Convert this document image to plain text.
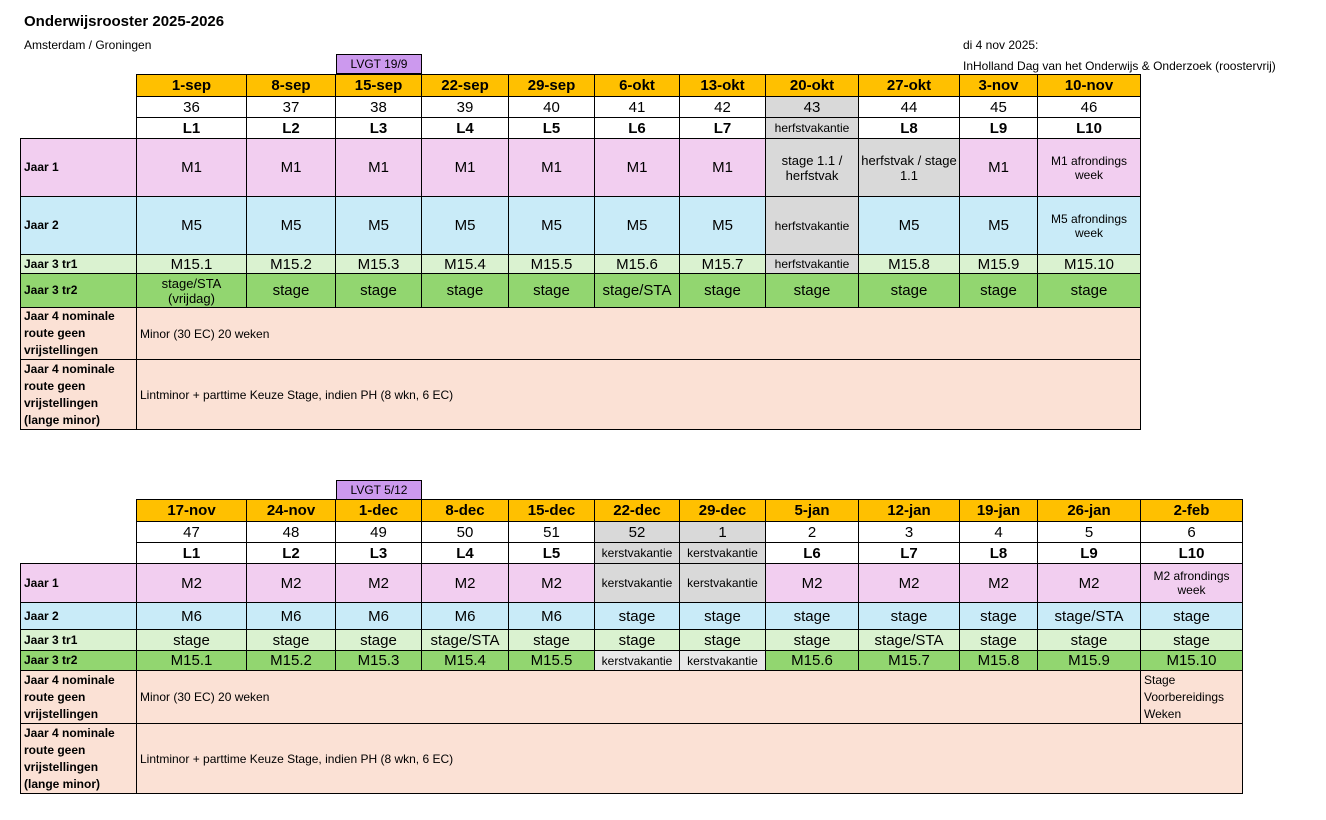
Onderwijsrooster 2025-2026
Amsterdam / Groningen	di 4 nov 2025:
InHolland Dag van het Onderwijs & Onderzoek (roostervrij)
LVGT 19/9
LVGT 5/12
	1-sep	8-sep	15-sep	22-sep	29-sep	6-okt	13-okt	20-okt	27-okt	3-nov	10-nov
	36	37	38	39	40	41	42	43	44	45	46
	L1	L2	L3	L4	L5	L6	L7	herfstvakantie	L8	L9	L10
Jaar 1	M1	M1	M1	M1	M1	M1	M1	stage 1.1 / herfstvak	herfstvak / stage 1.1	M1	M1 afrondings week
Jaar 2	M5	M5	M5	M5	M5	M5	M5	herfstvakantie	M5	M5	M5 afrondings week
Jaar 3 tr1	M15.1	M15.2	M15.3	M15.4	M15.5	M15.6	M15.7	herfstvakantie	M15.8	M15.9	M15.10
Jaar 3 tr2	stage/STA (vrijdag)	stage	stage	stage	stage	stage/STA	stage	stage	stage	stage	stage
Jaar 4 nominale route geen vrijstellingen	Minor (30 EC) 20 weken										
Jaar 4 nominale route geen vrijstellingen (lange minor)	Lintminor + parttime Keuze Stage, indien PH (8 wkn, 6 EC)										
	17-nov	24-nov	1-dec	8-dec	15-dec	22-dec	29-dec	5-jan	12-jan	19-jan	26-jan	2-feb
	47	48	49	50	51	52	1	2	3	4	5	6
	L1	L2	L3	L4	L5	kerstvakantie	kerstvakantie	L6	L7	L8	L9	L10
Jaar 1	M2	M2	M2	M2	M2	kerstvakantie	kerstvakantie	M2	M2	M2	M2	M2 afrondings week
Jaar 2	M6	M6	M6	M6	M6	stage	stage	stage	stage	stage	stage/STA	stage
Jaar 3 tr1	stage	stage	stage	stage/STA	stage	stage	stage	stage	stage/STA	stage	stage	stage
Jaar 3 tr2	M15.1	M15.2	M15.3	M15.4	M15.5	kerstvakantie	kerstvakantie	M15.6	M15.7	M15.8	M15.9	M15.10
Jaar 4 nominale route geen vrijstellingen	Minor (30 EC) 20 weken											Stage Voorbereidings Weken
Jaar 4 nominale route geen vrijstellingen (lange minor)	Lintminor + parttime Keuze Stage, indien PH (8 wkn, 6 EC)											
